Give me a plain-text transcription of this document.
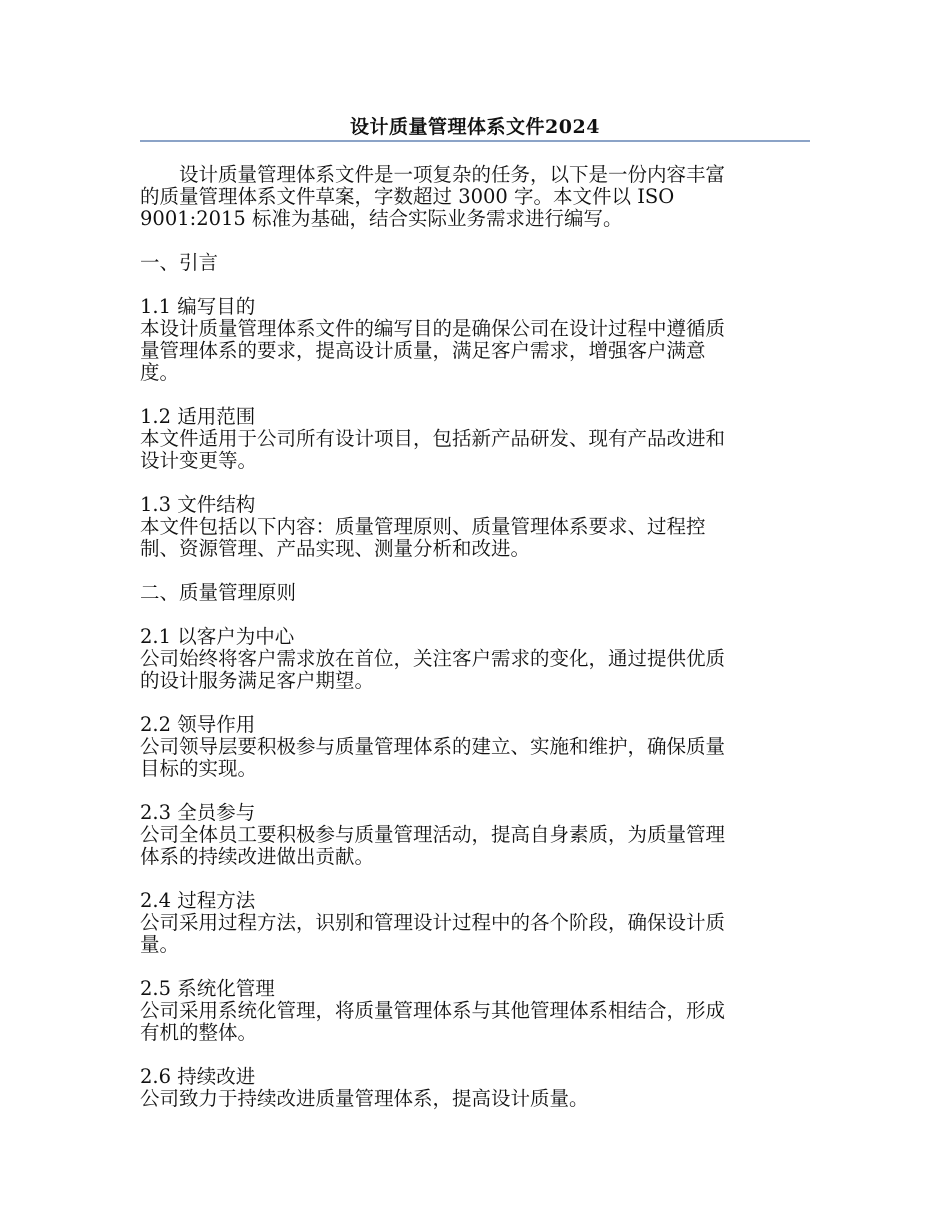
设计质量管理体系文件2024
设计质量管理体系文件是一项复杂的任务，以下是一份内容丰富
的质量管理体系文件草案，字数超过 3000 字。本文件以 ISO
9001:2015 标准为基础，结合实际业务需求进行编写。
一、引言
1.1 编写目的
本设计质量管理体系文件的编写目的是确保公司在设计过程中遵循质
量管理体系的要求，提高设计质量，满足客户需求，增强客户满意
度。
1.2 适用范围
本文件适用于公司所有设计项目，包括新产品研发、现有产品改进和
设计变更等。
1.3 文件结构
本文件包括以下内容：质量管理原则、质量管理体系要求、过程控
制、资源管理、产品实现、测量分析和改进。
二、质量管理原则
2.1 以客户为中心
公司始终将客户需求放在首位，关注客户需求的变化，通过提供优质
的设计服务满足客户期望。
2.2 领导作用
公司领导层要积极参与质量管理体系的建立、实施和维护，确保质量
目标的实现。
2.3 全员参与
公司全体员工要积极参与质量管理活动，提高自身素质，为质量管理
体系的持续改进做出贡献。
2.4 过程方法
公司采用过程方法，识别和管理设计过程中的各个阶段，确保设计质
量。
2.5 系统化管理
公司采用系统化管理，将质量管理体系与其他管理体系相结合，形成
有机的整体。
2.6 持续改进
公司致力于持续改进质量管理体系，提高设计质量。
